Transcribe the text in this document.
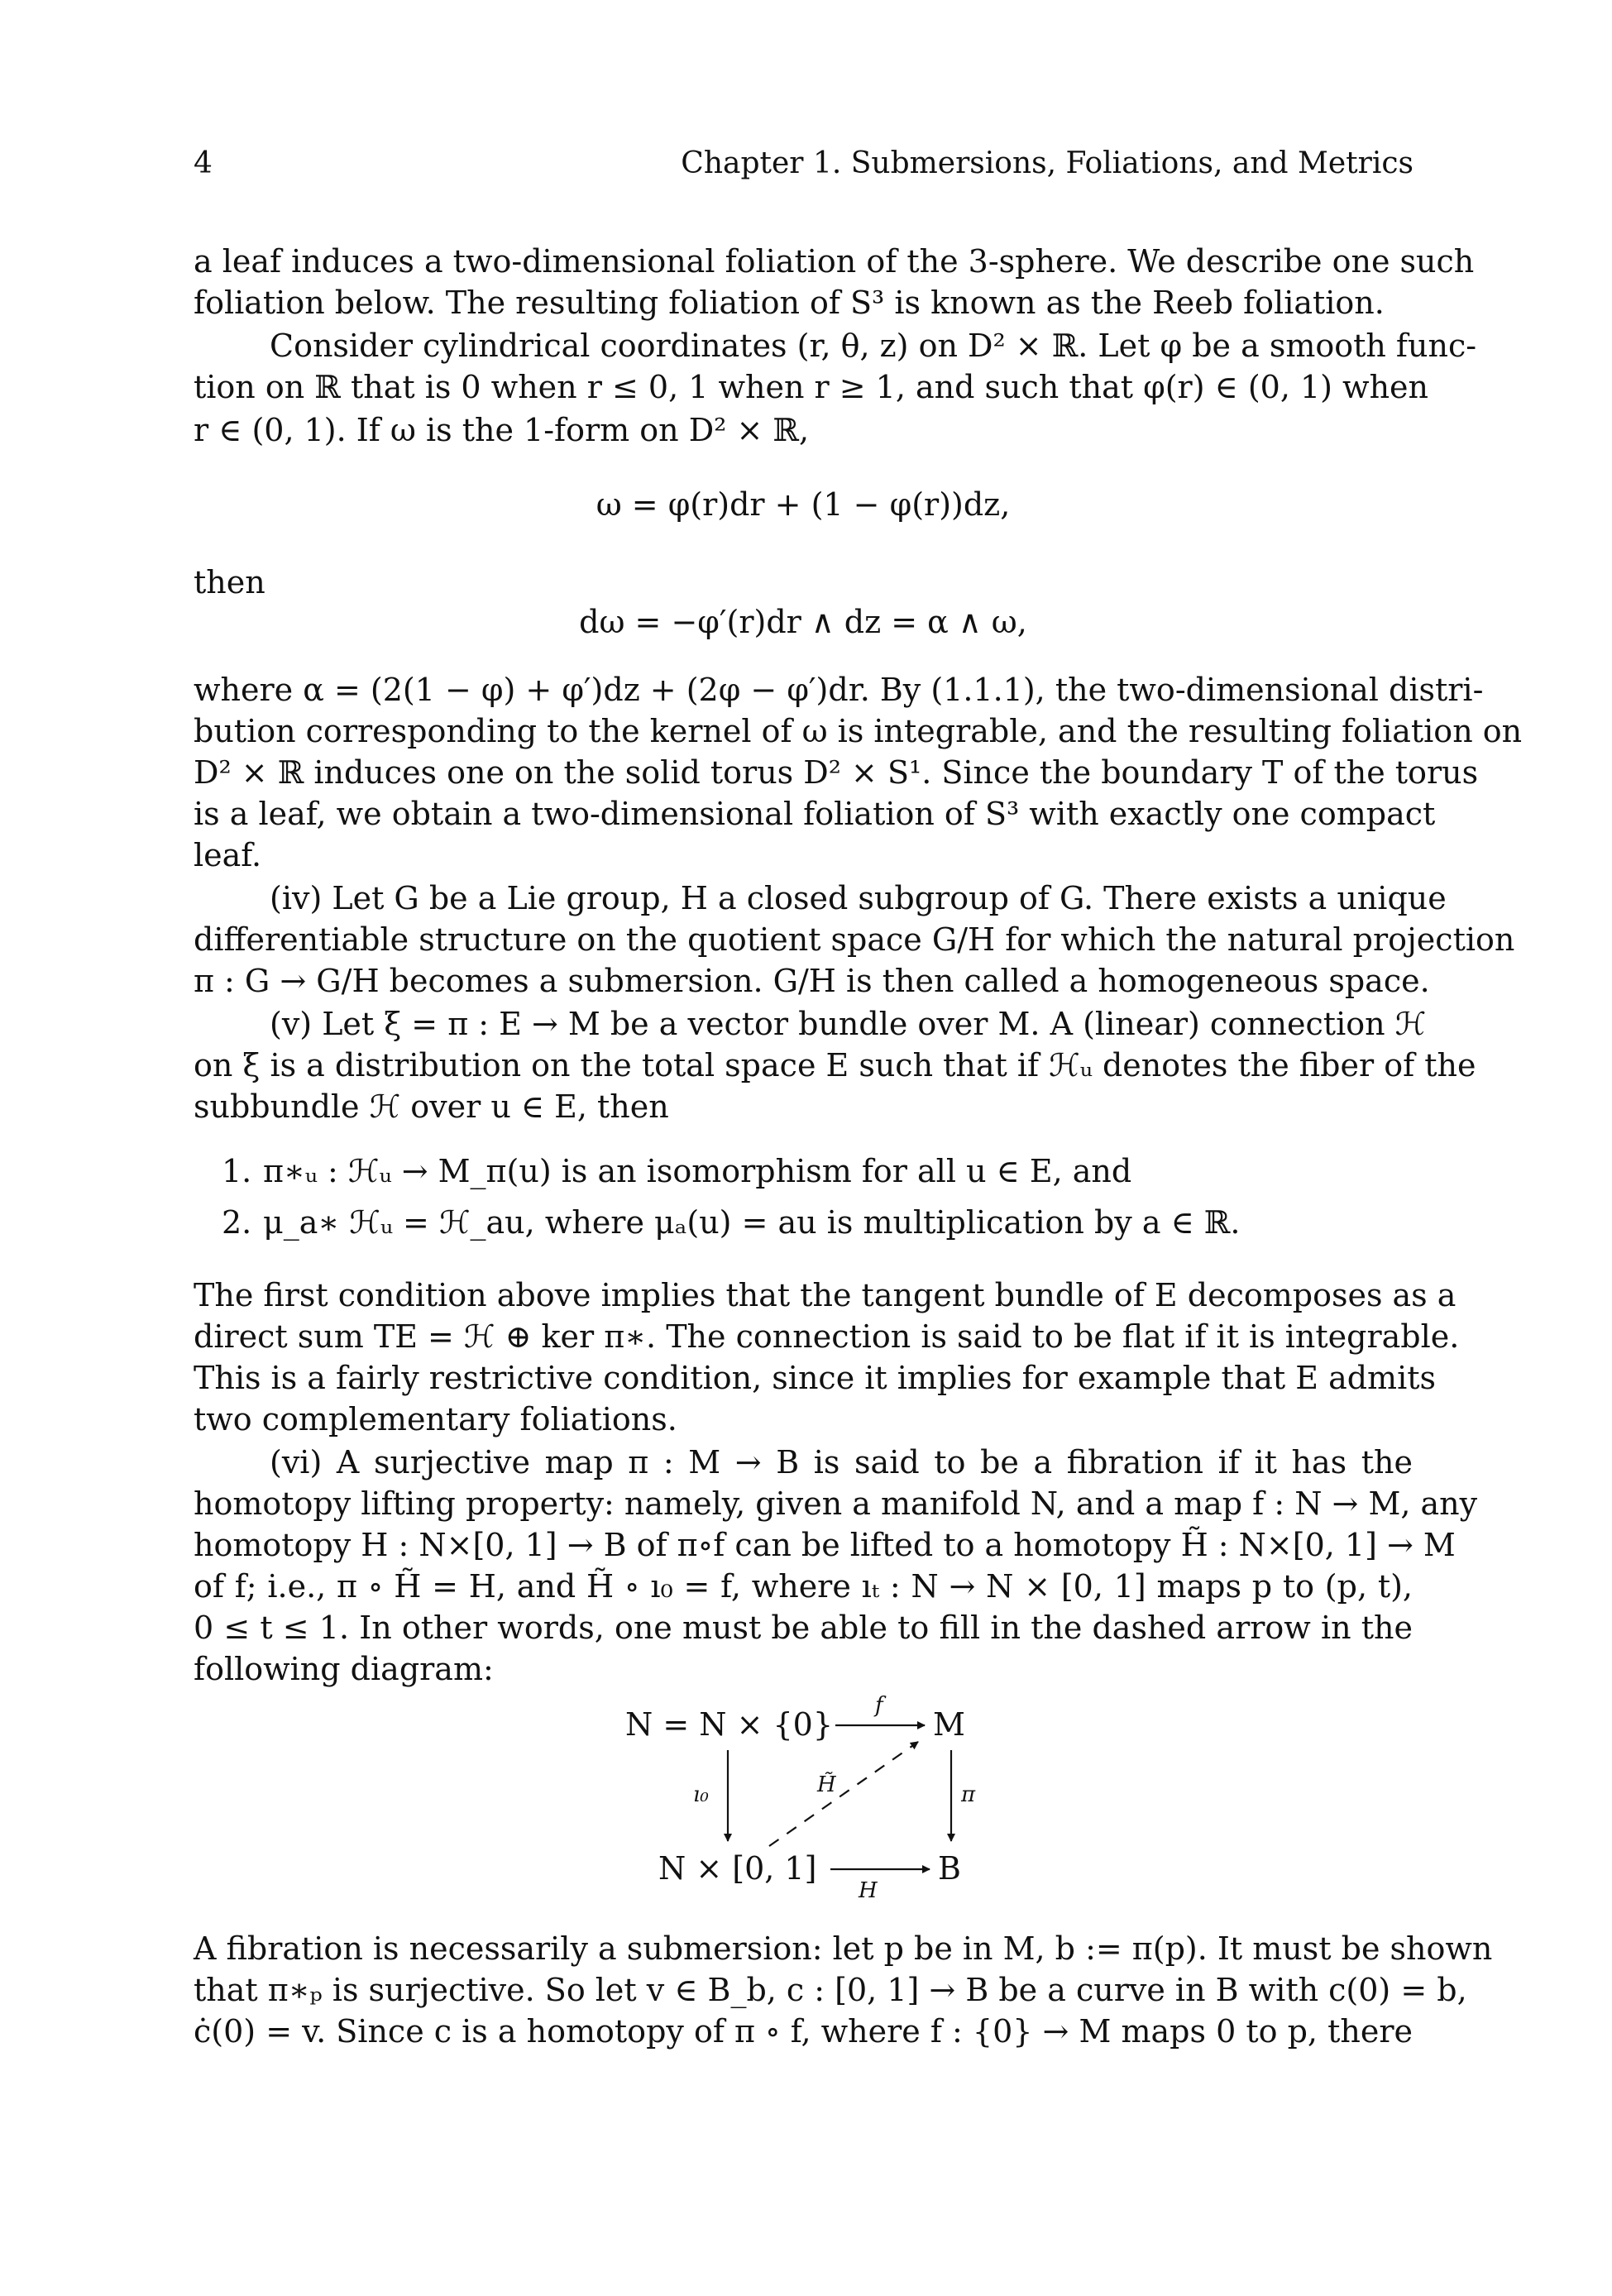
4	Chapter 1. Submersions, Foliations, and Metrics
a leaf induces a two-dimensional foliation of the 3-sphere. We describe one such
foliation below. The resulting foliation of S³ is known as the Reeb foliation.
Consider cylindrical coordinates (r, θ, z) on D² × ℝ. Let φ be a smooth func-
tion on ℝ that is 0 when r ≤ 0, 1 when r ≥ 1, and such that φ(r) ∈ (0, 1) when
r ∈ (0, 1). If ω is the 1-form on D² × ℝ,
ω = φ(r)dr + (1 − φ(r))dz,
then
dω = −φ′(r)dr ∧ dz = α ∧ ω,
where α = (2(1 − φ) + φ′)dz + (2φ − φ′)dr. By (1.1.1), the two-dimensional distri-
bution corresponding to the kernel of ω is integrable, and the resulting foliation on
D² × ℝ induces one on the solid torus D² × S¹. Since the boundary T of the torus
is a leaf, we obtain a two-dimensional foliation of S³ with exactly one compact
leaf.
(iv) Let G be a Lie group, H a closed subgroup of G. There exists a unique
differentiable structure on the quotient space G/H for which the natural projection
π : G → G/H becomes a submersion. G/H is then called a homogeneous space.
(v) Let ξ = π : E → M be a vector bundle over M. A (linear) connection ℋ
on ξ is a distribution on the total space E such that if ℋᵤ denotes the fiber of the
subbundle ℋ over u ∈ E, then
1. π∗ᵤ : ℋᵤ → M_π(u) is an isomorphism for all u ∈ E, and
2. μ_a∗ ℋᵤ = ℋ_au, where μₐ(u) = au is multiplication by a ∈ ℝ.
The first condition above implies that the tangent bundle of E decomposes as a
direct sum TE = ℋ ⊕ ker π∗. The connection is said to be flat if it is integrable.
This is a fairly restrictive condition, since it implies for example that E admits
two complementary foliations.
(vi) A surjective map π : M → B is said to be a fibration if it has the
homotopy lifting property: namely, given a manifold N, and a map f : N → M, any
homotopy H : N×[0, 1] → B of π∘f can be lifted to a homotopy H̃ : N×[0, 1] → M
of f; i.e., π ∘ H̃ = H, and H̃ ∘ ı₀ = f, where ıₜ : N → N × [0, 1] maps p to (p, t),
0 ≤ t ≤ 1. In other words, one must be able to fill in the dashed arrow in the
following diagram:
N = N × {0}	M
N × [0, 1]	B
f
H
ı₀	π
H̃
A fibration is necessarily a submersion: let p be in M, b := π(p). It must be shown
that π∗ₚ is surjective. So let v ∈ B_b, c : [0, 1] → B be a curve in B with c(0) = b,
ċ(0) = v. Since c is a homotopy of π ∘ f, where f : {0} → M maps 0 to p, there
